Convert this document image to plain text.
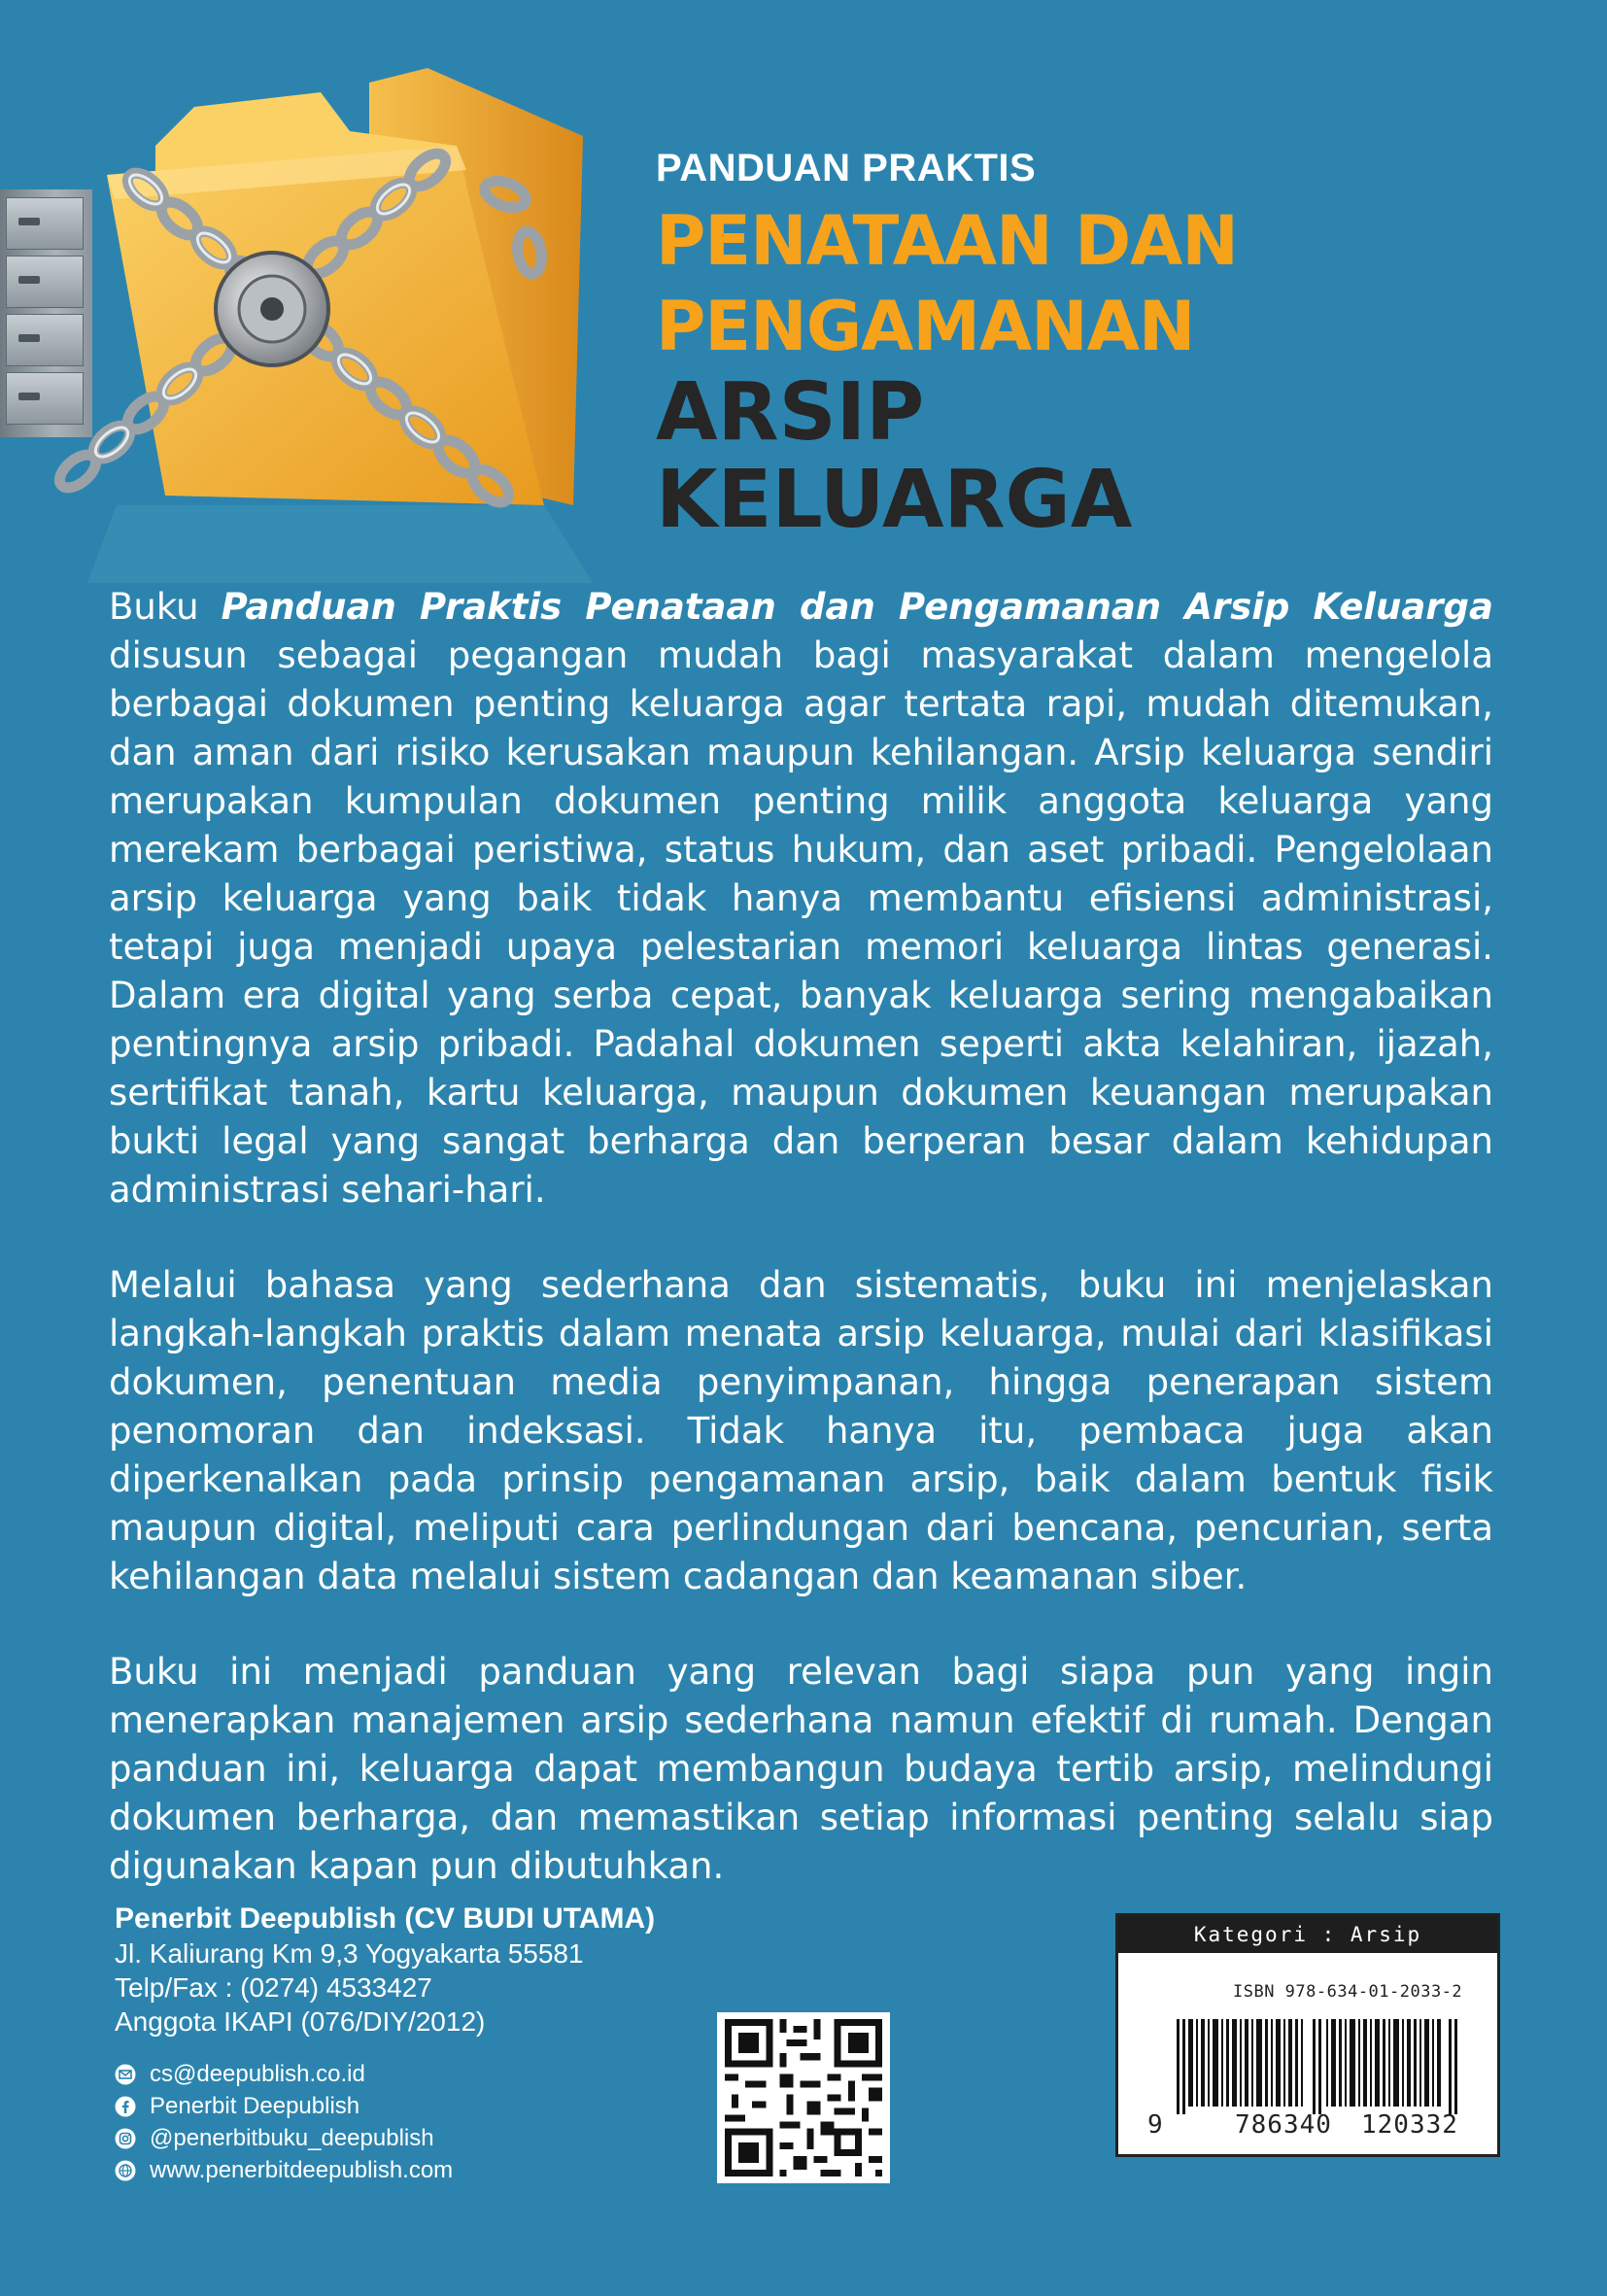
PANDUAN PRAKTIS
PENATAAN DAN
PENGAMANAN
ARSIP
KELUARGA

Buku Panduan Praktis Penataan dan Pengamanan Arsip Keluarga disusun sebagai pegangan mudah bagi masyarakat dalam mengelola berbagai dokumen penting keluarga agar tertata rapi, mudah ditemukan, dan aman dari risiko kerusakan maupun kehilangan. Arsip keluarga sendiri merupakan kumpulan dokumen penting milik anggota keluarga yang merekam berbagai peristiwa, status hukum, dan aset pribadi. Pengelolaan arsip keluarga yang baik tidak hanya membantu efisiensi administrasi, tetapi juga menjadi upaya pelestarian memori keluarga lintas generasi. Dalam era digital yang serba cepat, banyak keluarga sering mengabaikan pentingnya arsip pribadi. Padahal dokumen seperti akta kelahiran, ijazah, sertifikat tanah, kartu keluarga, maupun dokumen keuangan merupakan bukti legal yang sangat berharga dan berperan besar dalam kehidupan administrasi sehari-hari.

Melalui bahasa yang sederhana dan sistematis, buku ini menjelaskan langkah-langkah praktis dalam menata arsip keluarga, mulai dari klasifikasi dokumen, penentuan media penyimpanan, hingga penerapan sistem penomoran dan indeksasi. Tidak hanya itu, pembaca juga akan diperkenalkan pada prinsip pengamanan arsip, baik dalam bentuk fisik maupun digital, meliputi cara perlindungan dari bencana, pencurian, serta kehilangan data melalui sistem cadangan dan keamanan siber.

Buku ini menjadi panduan yang relevan bagi siapa pun yang ingin menerapkan manajemen arsip sederhana namun efektif di rumah. Dengan panduan ini, keluarga dapat membangun budaya tertib arsip, melindungi dokumen berharga, dan memastikan setiap informasi penting selalu siap digunakan kapan pun dibutuhkan.

Penerbit Deepublish (CV BUDI UTAMA)
Jl. Kaliurang Km 9,3 Yogyakarta 55581
Telp/Fax : (0274) 4533427
Anggota IKAPI (076/DIY/2012)
cs@deepublish.co.id
Penerbit Deepublish
@penerbitbuku_deepublish
www.penerbitdeepublish.com
Kategori : Arsip
ISBN 978-634-01-2033-2
9	786340 120332
